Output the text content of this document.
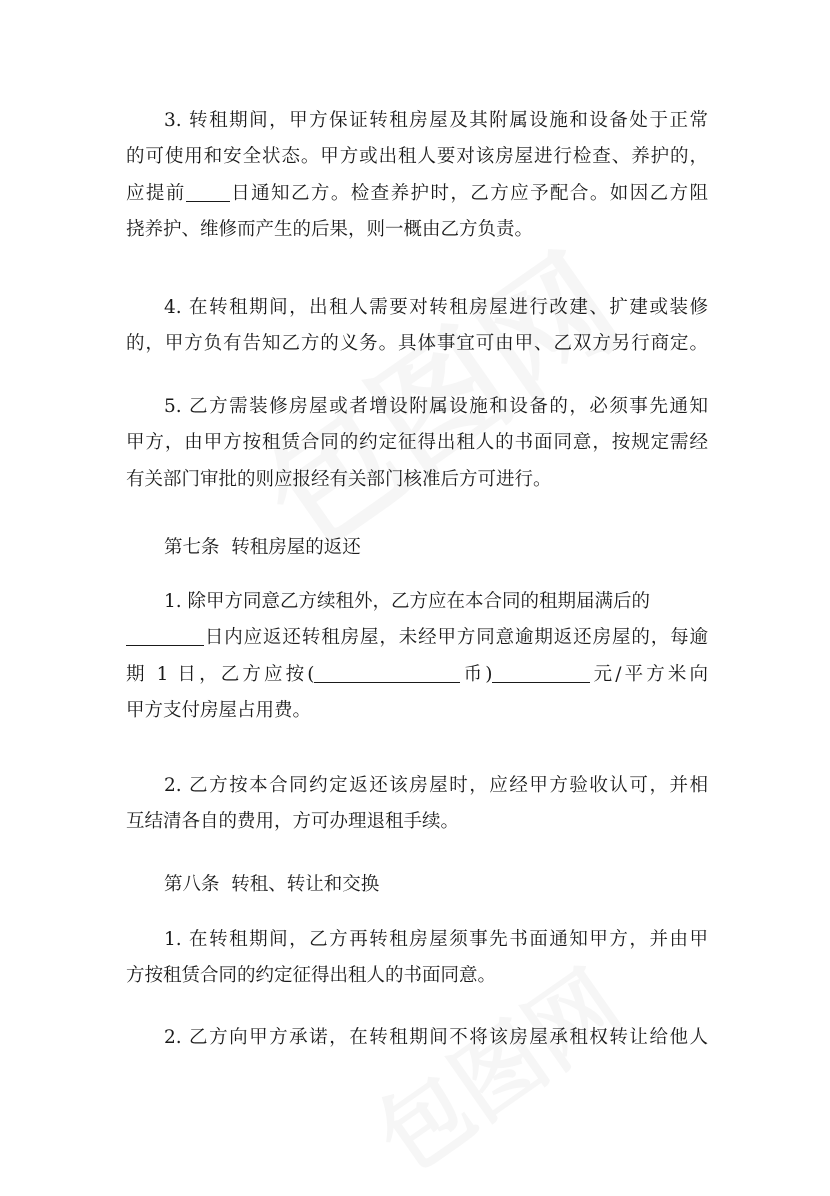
3. 转租期间，甲方保证转租房屋及其附属设施和设备处于正常
的可使用和安全状态。甲方或出租人要对该房屋进行检查、养护的，
应提前 日通知乙方。检查养护时，乙方应予配合。如因乙方阻
挠养护、维修而产生的后果，则一概由乙方负责。
4. 在转租期间，出租人需要对转租房屋进行改建、扩建或装修
的，甲方负有告知乙方的义务。具体事宜可由甲、乙双方另行商定。
5. 乙方需装修房屋或者增设附属设施和设备的，必须事先通知
甲方，由甲方按租赁合同的约定征得出租人的书面同意，按规定需经
有关部门审批的则应报经有关部门核准后方可进行。
第七条  转租房屋的返还
1. 除甲方同意乙方续租外，乙方应在本合同的租期届满后的
日内应返还转租房屋，未经甲方同意逾期返还房屋的，每逾
期 1 日，乙方应按(	币)	元/平方米向
甲方支付房屋占用费。
2. 乙方按本合同约定返还该房屋时，应经甲方验收认可，并相
互结清各自的费用，方可办理退租手续。
第八条  转租、转让和交换
1. 在转租期间，乙方再转租房屋须事先书面通知甲方，并由甲
方按租赁合同的约定征得出租人的书面同意。
2. 乙方向甲方承诺，在转租期间不将该房屋承租权转让给他人
